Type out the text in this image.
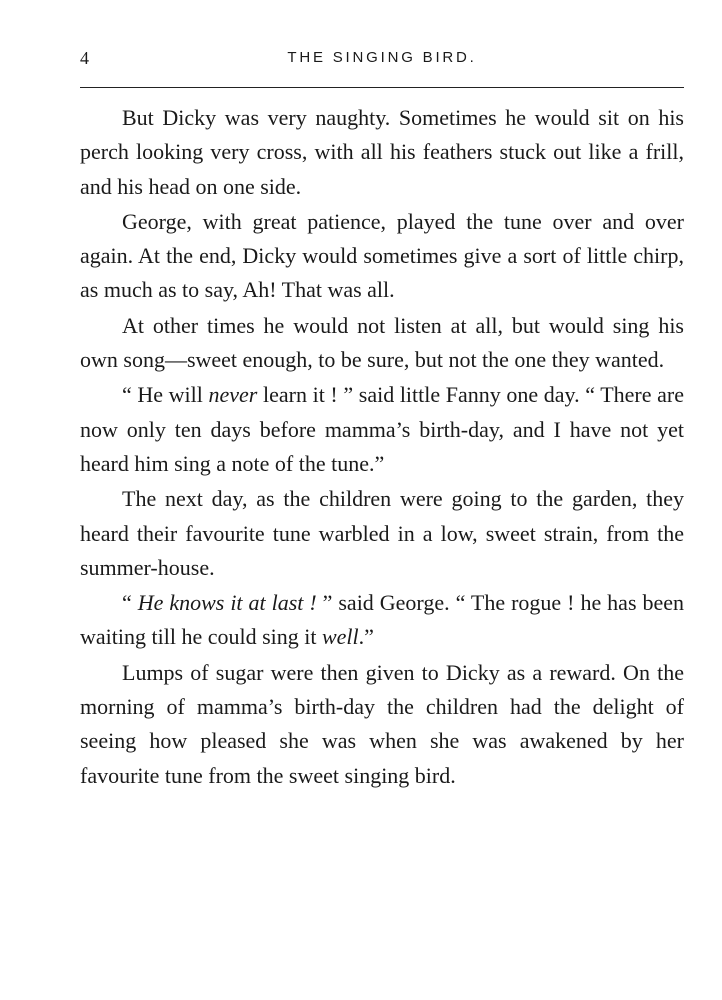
4	THE SINGING BIRD.

But Dicky was very naughty. Sometimes he would sit on his perch looking very cross, with all his feathers stuck out like a frill, and his head on one side.

George, with great patience, played the tune over and over again. At the end, Dicky would sometimes give a sort of little chirp, as much as to say, Ah! That was all.

At other times he would not listen at all, but would sing his own song—sweet enough, to be sure, but not the one they wanted.

“ He will never learn it ! ” said little Fanny one day. “ There are now only ten days before mamma’s birth-day, and I have not yet heard him sing a note of the tune.”

The next day, as the children were going to the garden, they heard their favourite tune warbled in a low, sweet strain, from the summer-house.

“ He knows it at last ! ” said George. “ The rogue ! he has been waiting till he could sing it well.”

Lumps of sugar were then given to Dicky as a reward. On the morning of mamma’s birth-day the children had the delight of seeing how pleased she was when she was awakened by her favourite tune from the sweet singing bird.
